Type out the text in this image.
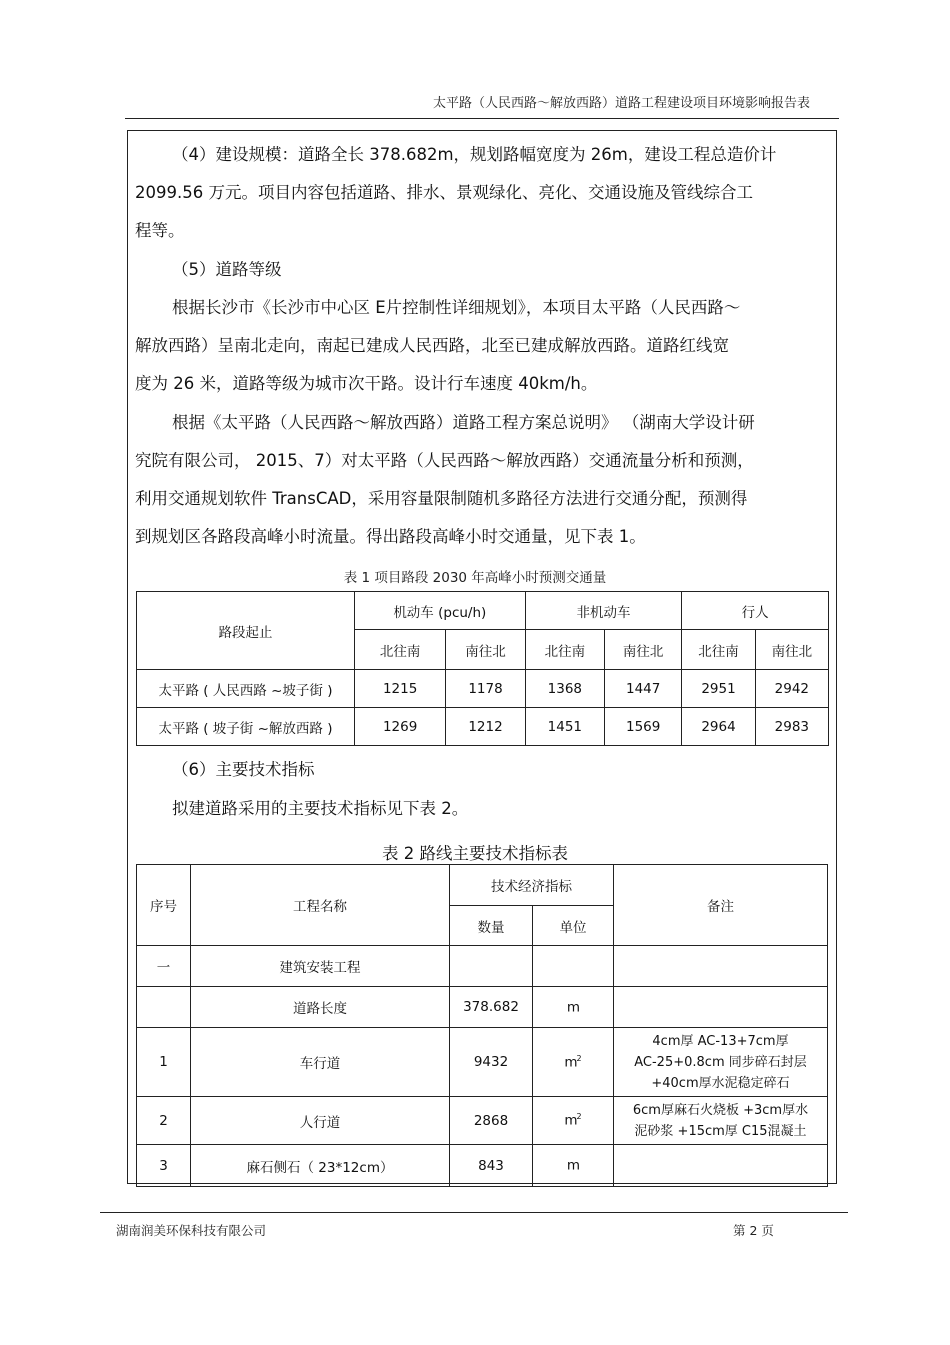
太平路（人民西路～解放西路）道路工程建设项目环境影响报告表
（4）建设规模：道路全长 378.682m，规划路幅宽度为 26m，建设工程总造价计
2099.56 万元。项目内容包括道路、排水、景观绿化、亮化、交通设施及管线综合工
程等。
（5）道路等级
根据长沙市《长沙市中心区 E片控制性详细规划》，本项目太平路（人民西路～
解放西路）呈南北走向，南起已建成人民西路，北至已建成解放西路。道路红线宽
度为 26 米，道路等级为城市次干路。设计行车速度 40km/h。
根据《太平路（人民西路～解放西路）道路工程方案总说明》 （湖南大学设计研
究院有限公司， 2015、7）对太平路（人民西路～解放西路）交通流量分析和预测，
利用交通规划软件 TransCAD，采用容量限制随机多路径方法进行交通分配，预测得
到规划区各路段高峰小时流量。得出路段高峰小时交通量，见下表 1。
表 1 项目路段 2030 年高峰小时预测交通量
路段起止	机动车 (pcu/h)		非机动车		行人	
	北往南	南往北	北往南	南往北	北往南	南往北
太平路 ( 人民西路 ~坡子街 )	1215	1178	1368	1447	2951	2942
太平路 ( 坡子街 ~解放西路 )	1269	1212	1451	1569	2964	2983
（6）主要技术指标
拟建道路采用的主要技术指标见下表 2。
表 2 路线主要技术指标表
序号	工程名称	技术经济指标		备注
		数量	单位	
一	建筑安装工程			

	道路长度	378.682	m	

1	车行道	9432	$m^2$	4cm厚 AC-13+7cm厚
AC-25+0.8cm 同步碎石封层
+40cm厚水泥稳定碎石

2	人行道	2868	$m^2$	6cm厚麻石火烧板 +3cm厚水
泥砂浆 +15cm厚 C15混凝土

3	麻石侧石（ 23*12cm）	843	m	
湖南润美环保科技有限公司	第 2 页
